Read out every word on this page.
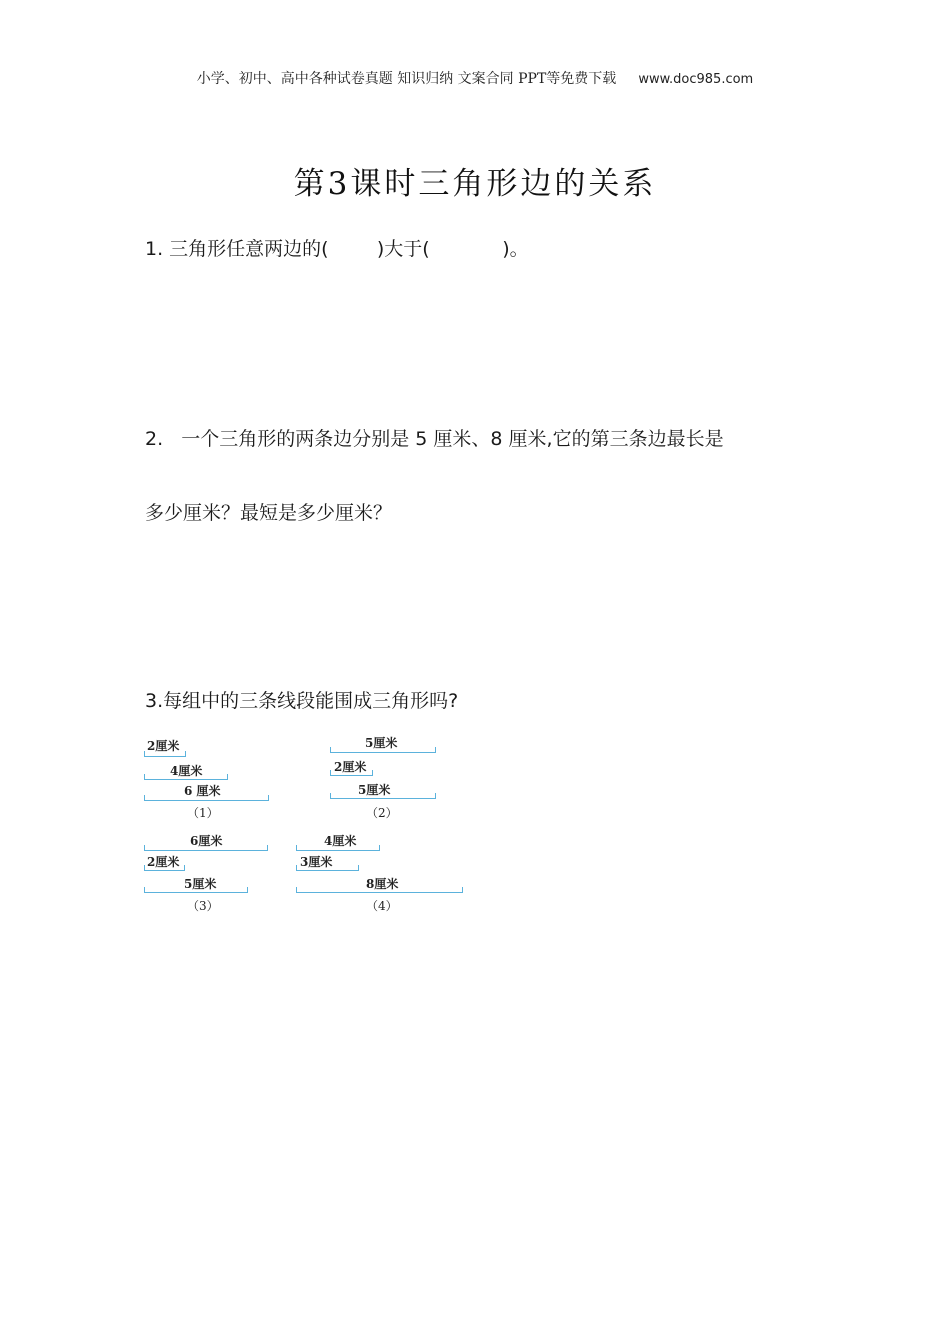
小学、初中、高中各种试卷真题 知识归纳 文案合同 PPT等免费下载 www.doc985.com
第3课时三角形边的关系
1. 三角形任意两边的(        )大于(            )。
2.   一个三角形的两条边分别是 5 厘米、8 厘米,它的第三条边最长是
多少厘米？最短是多少厘米？
3.每组中的三条线段能围成三角形吗?
2厘米
4厘米
6 厘米
（1）
5厘米
2厘米
5厘米
（2）
6厘米
2厘米
5厘米
（3）
4厘米
3厘米
8厘米
（4）
